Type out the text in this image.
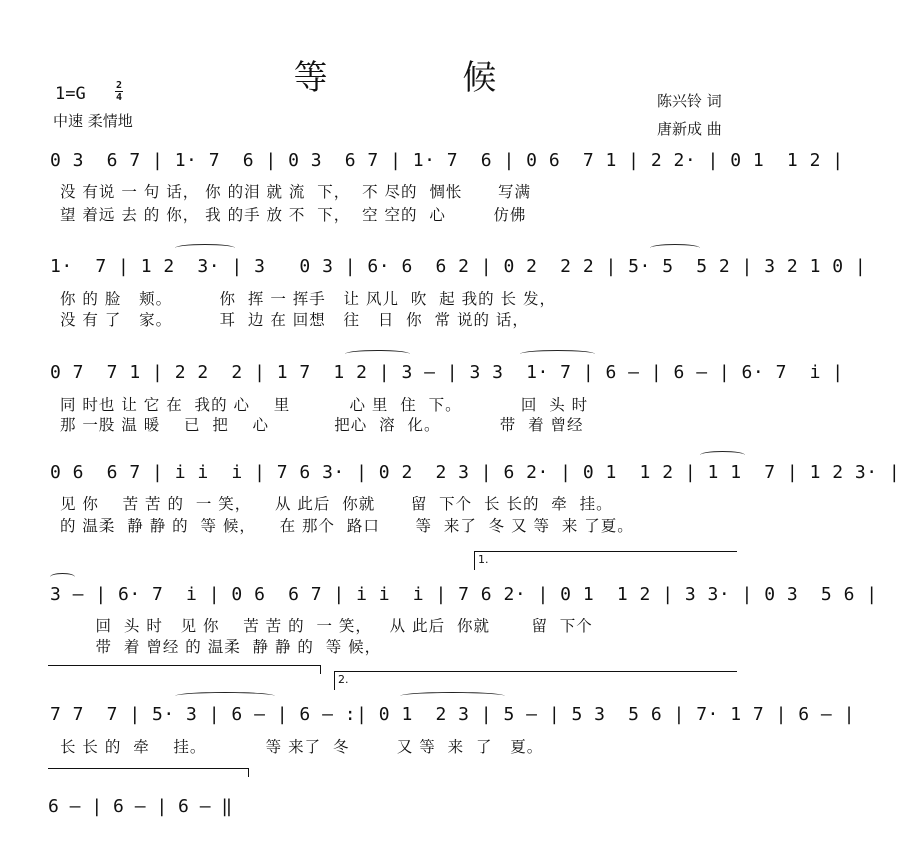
等 候
1=G	2
4
中速 柔情地
陈兴铃 词
唐新成 曲
0 3  6 7 | 1· 7  6 | 0 3  6 7 | 1· 7  6 | 0 6  7 1 | 2 2· | 0 1  1 2 |
没 有说 一 句 话， 你 的泪 就 流  下，  不 尽的  惆怅      写满
望 着远 去 的 你， 我 的手 放 不  下，  空 空的  心        仿佛
1·  7 | 1 2  3· | 3   0 3 | 6· 6  6 2 | 0 2  2 2 | 5· 5  5 2 | 3 2 1 0 |
你 的 脸   颊。        你  挥 一 挥手   让 风儿  吹  起 我的 长 发，
没 有 了   家。        耳  边 在 回想   往   日  你  常 说的 话，
0 7  7 1 | 2 2  2 | 1 7  1 2 | 3 — | 3 3  1· 7 | 6 — | 6 — | 6· 7  i |
同 时也 让 它 在  我的 心    里          心 里  住  下。          回  头 时
那 一股 温 暖    已  把    心           把心  溶  化。          带  着 曾经
0 6  6 7 | i i  i | 7 6 3· | 0 2  2 3 | 6 2· | 0 1  1 2 | 1 1  7 | 1 2 3· |
见 你    苦 苦 的  一 笑，    从 此后  你就      留  下个  长 长的  牵  挂。
的 温柔  静 静 的  等 候，    在 那个  路口      等  来了  冬 又 等  来 了夏。
1.
3 — | 6· 7  i | 0 6  6 7 | i i  i | 7 6 2· | 0 1  1 2 | 3 3· | 0 3  5 6 |
回  头 时   见 你    苦 苦 的  一 笑，   从 此后  你就       留  下个
带  着 曾经 的 温柔  静 静 的  等 候，
2.
7 7  7 | 5· 3 | 6 — | 6 — :| 0 1  2 3 | 5 — | 5 3  5 6 | 7· 1 7 | 6 — |
长 长 的  牵    挂。          等 来了  冬        又 等  来  了   夏。
6 — | 6 — | 6 — ‖
